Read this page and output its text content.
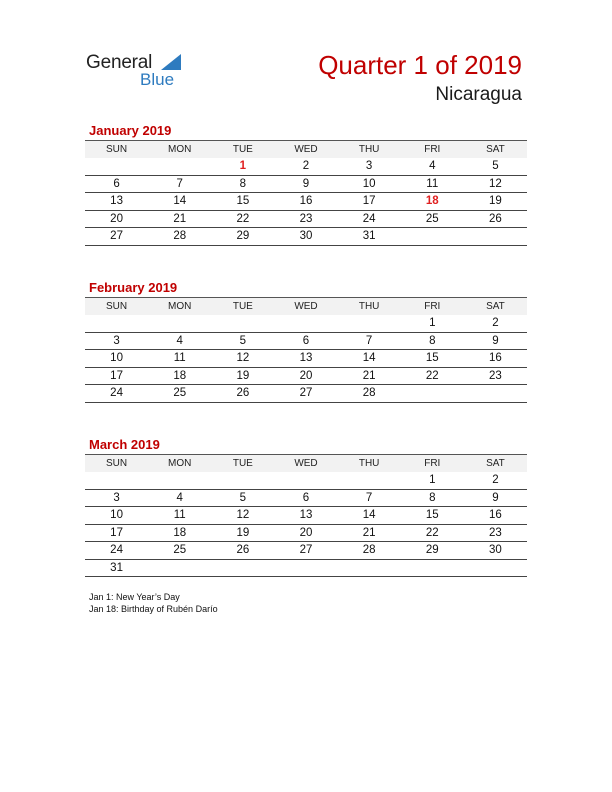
General
Blue	Quarter 1 of 2019
Nicaragua
January 2019
SUN	MON	TUE	WED	THU	FRI	SAT
		1	2	3	4	5
6	7	8	9	10	11	12
13	14	15	16	17	18	19
20	21	22	23	24	25	26
27	28	29	30	31		
February 2019
SUN	MON	TUE	WED	THU	FRI	SAT
					1	2
3	4	5	6	7	8	9
10	11	12	13	14	15	16
17	18	19	20	21	22	23
24	25	26	27	28		
March 2019
SUN	MON	TUE	WED	THU	FRI	SAT
					1	2
3	4	5	6	7	8	9
10	11	12	13	14	15	16
17	18	19	20	21	22	23
24	25	26	27	28	29	30
31						
Jan 1: New Year’s Day
Jan 18: Birthday of Rubén Darío
